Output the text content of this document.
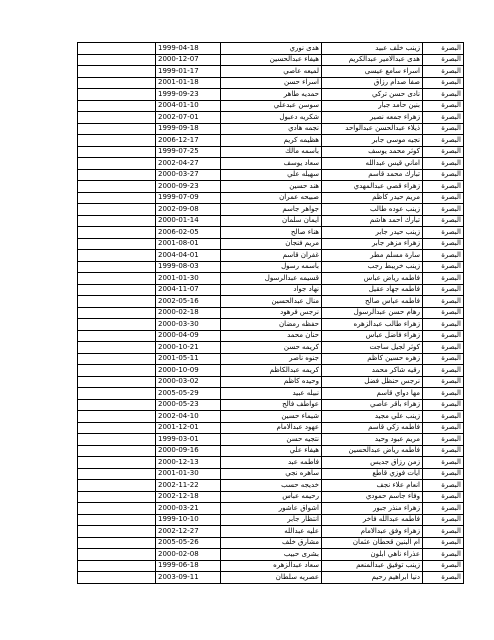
البصرة	زينب خلف عبيد	هدى نوري	1999-04-18	
البصرة	هدى عبدالامير عبدالكريم	هيفاء عبدالحسين	2000-12-07	
البصرة	اسراء سامع عيسى	لميعه عاصي	1999-01-17	
البصرة	صفا صدام رزاق	اسراء حسن	2001-01-18	
البصرة	نادى حسن تركي	حمديه طاهر	1999-09-23	
البصرة	بنين حامد جبار	سوسن عبدعلي	2004-01-10	
البصرة	زهراء جمعه نصير	شكريه دعبول	2002-07-01	
البصرة	ذيلاء عبدالحسن عبدالواحد	نجمه هادي	1999-09-18	
البصرة	نجيه موسى جابر	هظيمه كريم	2006-12-17	
البصرة	كوثر محمد يوسف	باسمه مالك	1999-07-25	
البصرة	اماني قيس عبدالله	سعاد يوسف	2002-04-27	
البصرة	تبارك محمد قاسم	سهيله علي	2000-03-27	
البصرة	زهراء قصي عبدالمهدي	هند حسين	2000-09-23	
البصرة	مريم حيدر كاظم	صبيحه عمران	1999-07-09	
البصرة	زينب عوده طالب	جواهر جاسم	2002-09-08	
البصرة	تبارك احمد هاشم	ايمان سلمان	2000-01-14	
البصرة	زينب حيدر جابر	هناء صالح	2006-02-05	
البصرة	زهراء مزهر جابر	مريم فنجان	2001-08-01	
البصرة	سارة مسلم مطر	غفران قاسم	2004-04-01	
البصرة	زينب خريبط رجب	باسمه رسول	1999-08-03	
البصرة	فاطمه رياض عباس	قسيمه عبدالرسول	2001-01-30	
البصرة	فاطمه جهاد عقيل	نهاد جواد	2004-11-07	
البصرة	فاطمه عباس صالح	منال عبدالحسين	2002-05-16	
البصرة	رهام حسن عبدالرسول	نرجس فرهود	2000-02-18	
البصرة	زهراء طالب عبدالزهره	حفظه رمضان	2000-03-30	
البصرة	زهراء فاضل عباس	حنان محمد	2000-04-09	
البصرة	كوثر لجيل ساجت	كريمه حسن	2000-10-21	
البصرة	زهره حسين كاظم	جنوه ناصر	2001-05-11	
البصرة	رقيه شاكر محمد	كريمه عبدالكاظم	2000-10-09	
البصرة	نرجس حنظل فضل	وحيده كاظم	2000-03-02	
البصرة	مها دواي قاسم	نبيله عبيد	2005-05-29	
البصرة	زهراء باقر عاصي	عواطف فالح	2000-05-23	
البصرة	زينب علي مجيد	شيماء حسين	2002-04-10	
البصرة	فاطمه زكي قاسم	عهود عبدالامام	2001-12-01	
البصرة	مريم عبود وحيد	نتجيه حسن	1999-03-01	
البصرة	فاطمه رياض عبدالحسين	هيفاء علي	2000-09-16	
البصرة	زمن رزاق جديس	فاطمه عبد	2000-12-13	
البصرة	ايات فوزي قاطع	ساهره نجي	2001-01-30	
البصرة	انعام علاء نجف	خديجه حسب	2002-11-22	
البصرة	وفاء جاسم حمودي	رحيمه عباس	2002-12-18	
البصرة	زهراء منذر جبور	اشواق عاشور	2000-03-21	
البصرة	فاطمه عبدالله فاخر	انتظار جابر	1999-10-10	
البصرة	زهراء وفق عبدالامام	عليه عبدالله	2002-12-27	
البصرة	ام البنين قحطان عثمان	مشارق خلف	2005-05-26	
البصرة	عذراء ناهي ابلون	بشرى حبيب	2000-02-08	
البصرة	زينب توفيق عبدالمنعم	سعاد عبدالزهره	1999-06-18	
البصرة	دنيا ابراهيم رحيم	عصريه سلطان	2003-09-11	
